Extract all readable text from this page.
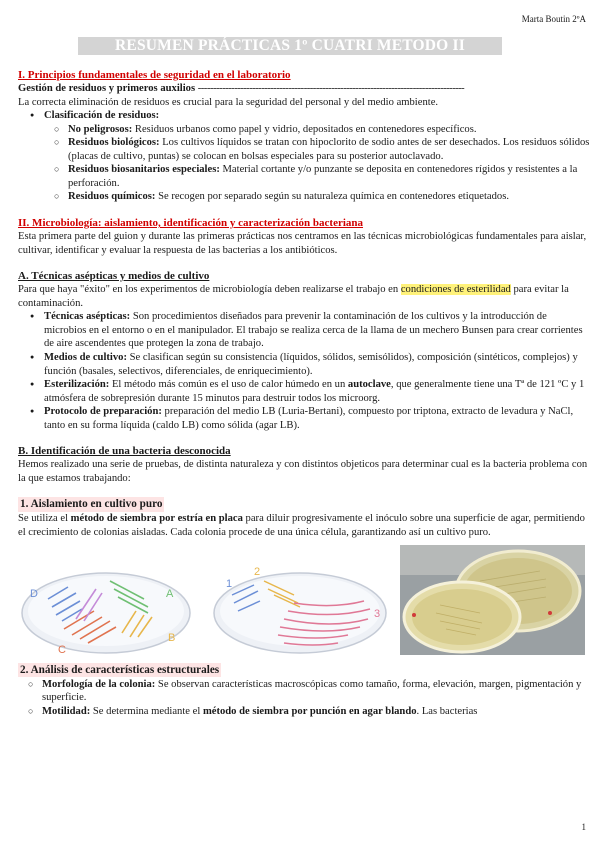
Marta Boutin 2ºA
RESUMEN PRÁCTICAS 1º CUATRI METODO II

I. Principios fundamentales de seguridad en el laboratorio

Gestión de residuos y primeros auxilios ----------------------------------------------------------------------------------------

La correcta eliminación de residuos es crucial para la seguridad del personal y del medio ambiente.

● Clasificación de residuos:
○ No peligrosos: Residuos urbanos como papel y vidrio, depositados en contenedores específicos.
○ Residuos biológicos: Los cultivos líquidos se tratan con hipoclorito de sodio antes de ser desechados. Los residuos sólidos (placas de cultivo, puntas) se colocan en bolsas especiales para su posterior autoclavado.
○ Residuos biosanitarios especiales: Material cortante y/o punzante se deposita en contenedores rígidos y resistentes a la perforación.
○ Residuos químicos: Se recogen por separado según su naturaleza química en contenedores etiquetados.

II. Microbiología: aislamiento, identificación y caracterización bacteriana

Esta primera parte del guion y durante las primeras prácticas nos centramos en las técnicas microbiológicas fundamentales para aislar, cultivar, identificar y evaluar la respuesta de las bacterias a los antibióticos.

A. Técnicas asépticas y medios de cultivo

Para que haya "éxito" en los experimentos de microbiología deben realizarse el trabajo en condiciones de esterilidad para evitar la contaminación.

● Técnicas asépticas: Son procedimientos diseñados para prevenir la contaminación de los cultivos y la introducción de microbios en el entorno o en el manipulador. El trabajo se realiza cerca de la llama de un mechero Bunsen para crear corrientes de aire ascendentes que protegen la zona de trabajo.
● Medios de cultivo: Se clasifican según su consistencia (líquidos, sólidos, semisólidos), composición (sintéticos, complejos) y función (basales, selectivos, diferenciales, de enriquecimiento).
● Esterilización: El método más común es el uso de calor húmedo en un autoclave, que generalmente tiene una Tª de 121 ºC y 1 atmósfera de sobrepresión durante 15 minutos para destruir todos los microorg.
● Protocolo de preparación: preparación del medio LB (Luria-Bertani), compuesto por triptona, extracto de levadura y NaCl, tanto en su forma líquida (caldo LB) como sólida (agar LB).

B. Identificación de una bacteria desconocida

Hemos realizado una serie de pruebas, de distinta naturaleza y con distintos objeticos para determinar cual es la bacteria problema con la que estamos trabajando:

1. Aislamiento en cultivo puro

Se utiliza el método de siembra por estría en placa para diluir progresivamente el inóculo sobre una superficie de agar, permitiendo el crecimiento de colonias aisladas. Cada colonia procede de una única célula, garantizando así un cultivo puro.

D	A
B
C
1
2
3

2. Análisis de características estructurales

○ Morfología de la colonia: Se observan características macroscópicas como tamaño, forma, elevación, margen, pigmentación y superficie.
○ Motilidad: Se determina mediante el método de siembra por punción en agar blando. Las bacterias
1
